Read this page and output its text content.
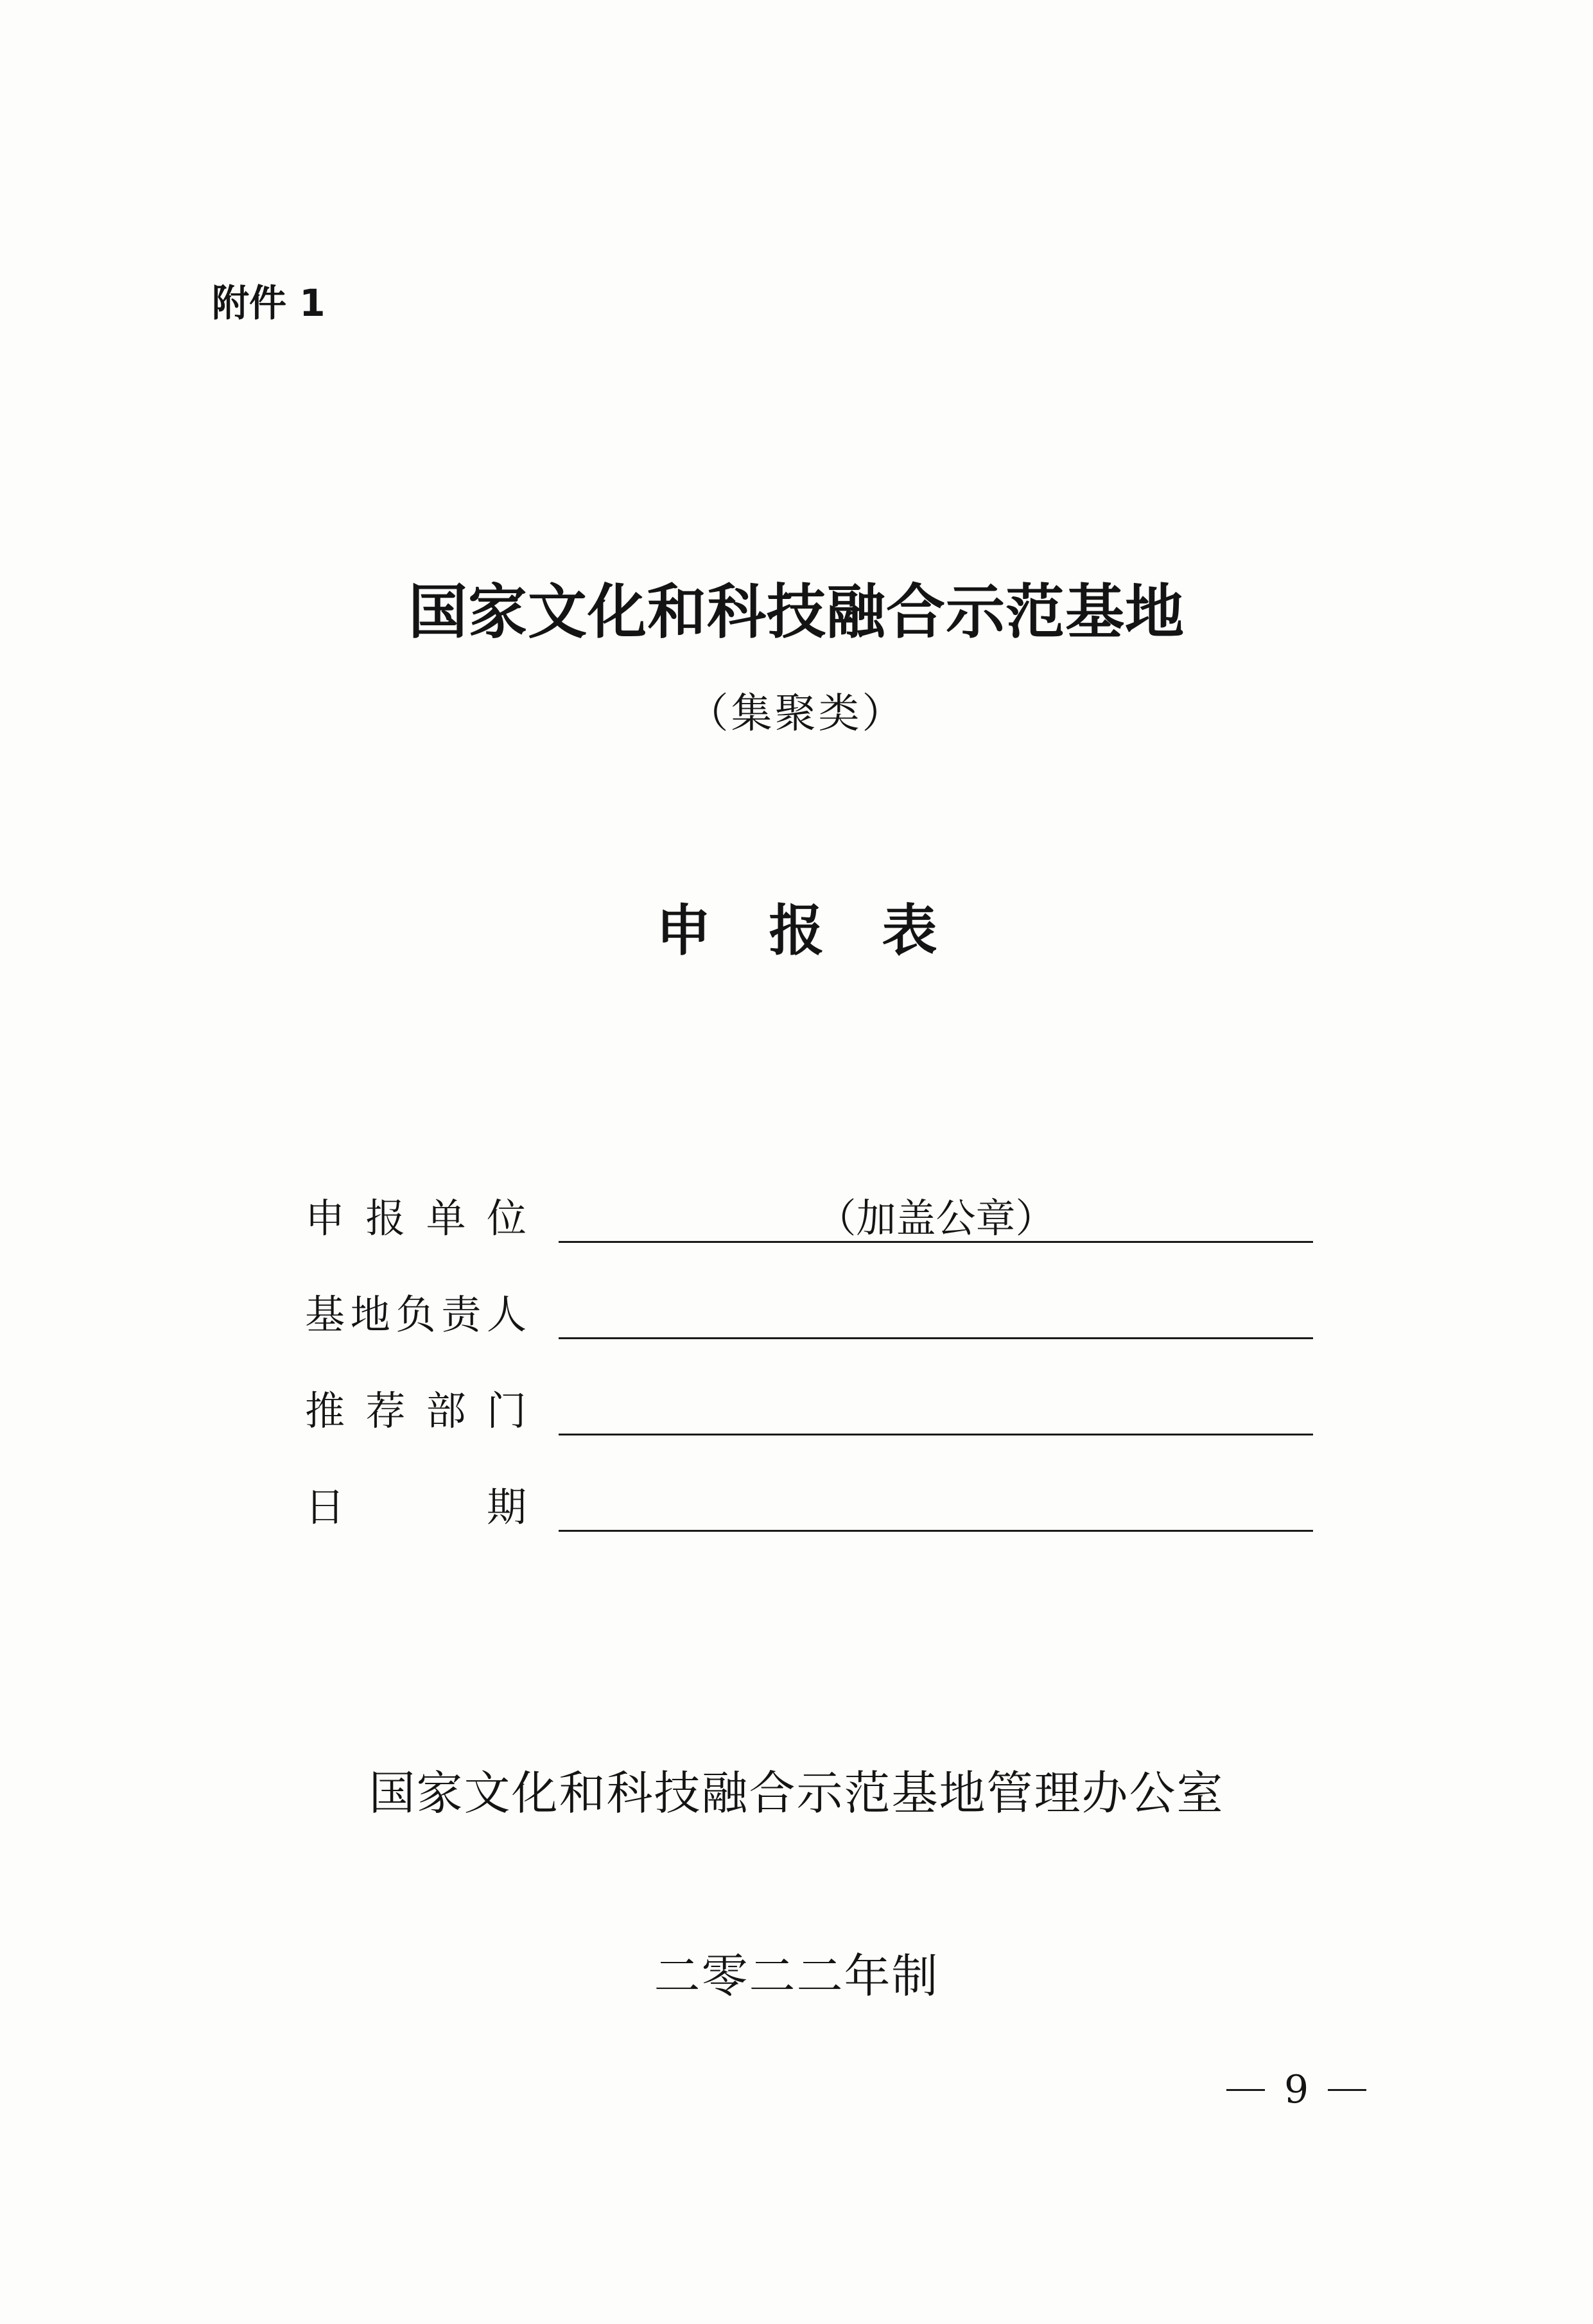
附件 1
国家文化和科技融合示范基地
（集聚类）
申报表
申 报 单 位	（加盖公章）
基 地 负 责 人
推 荐 部 门
日	期
国家文化和科技融合示范基地管理办公室
二零二二年制
9
